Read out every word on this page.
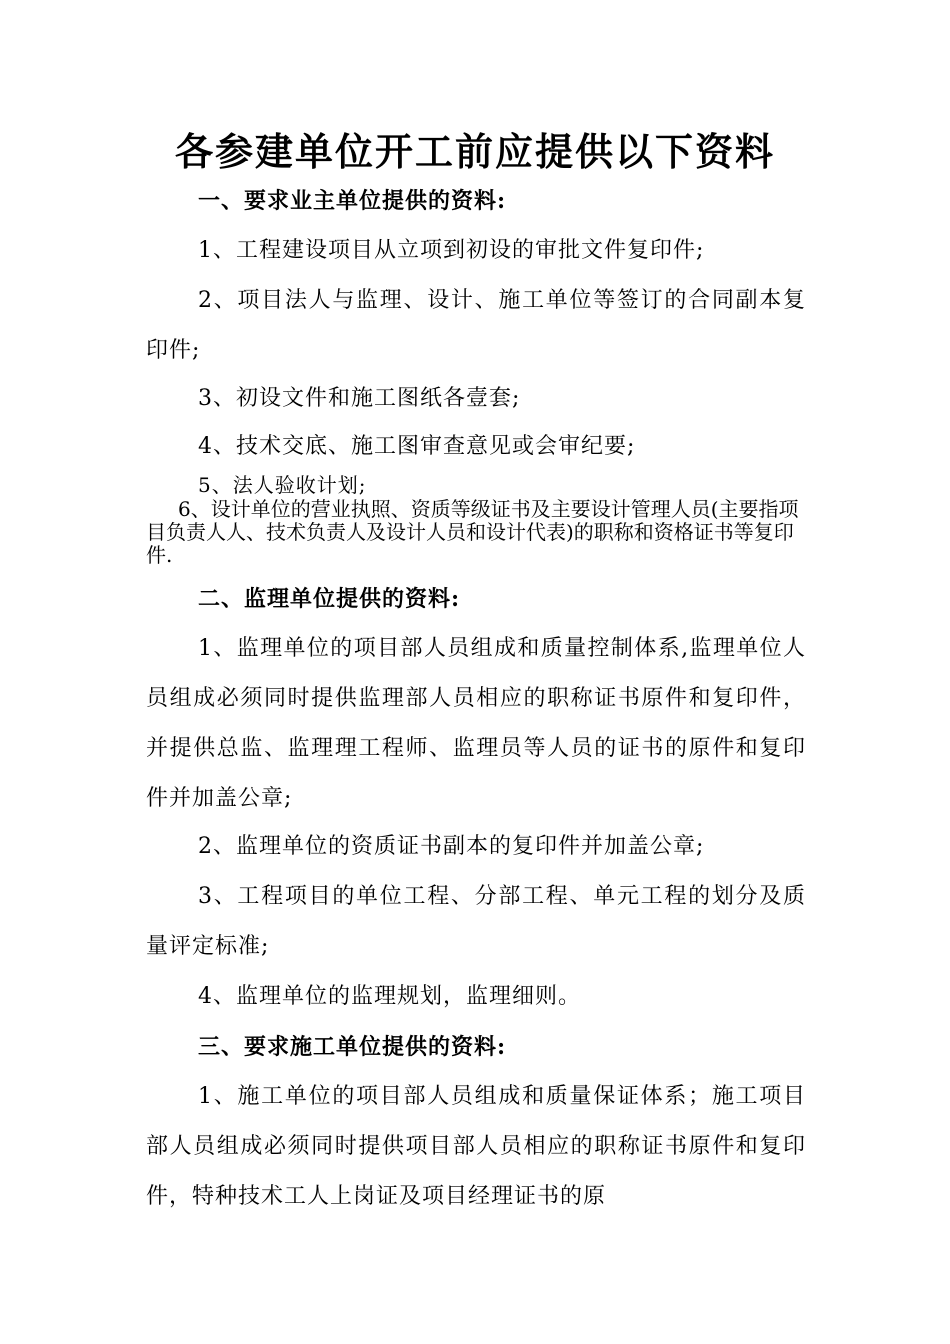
各参建单位开工前应提供以下资料
一、要求业主单位提供的资料:
1、工程建设项目从立项到初设的审批文件复印件;
2、项目法人与监理、设计、施工单位等签订的合同副本复印件;
3、初设文件和施工图纸各壹套;
4、技术交底、施工图审查意见或会审纪要;
5、法人验收计划;
6、设计单位的营业执照、资质等级证书及主要设计管理人员(主要指项目负责人人、技术负责人及设计人员和设计代表)的职称和资格证书等复印件.
二、监理单位提供的资料:
1、监理单位的项目部人员组成和质量控制体系,监理单位人员组成必须同时提供监理部人员相应的职称证书原件和复印件，并提供总监、监理理工程师、监理员等人员的证书的原件和复印件并加盖公章;
2、监理单位的资质证书副本的复印件并加盖公章;
3、工程项目的单位工程、分部工程、单元工程的划分及质量评定标准;
4、监理单位的监理规划，监理细则。
三、要求施工单位提供的资料:
1、施工单位的项目部人员组成和质量保证体系；施工项目部人员组成必须同时提供项目部人员相应的职称证书原件和复印件，特种技术工人上岗证及项目经理证书的原
